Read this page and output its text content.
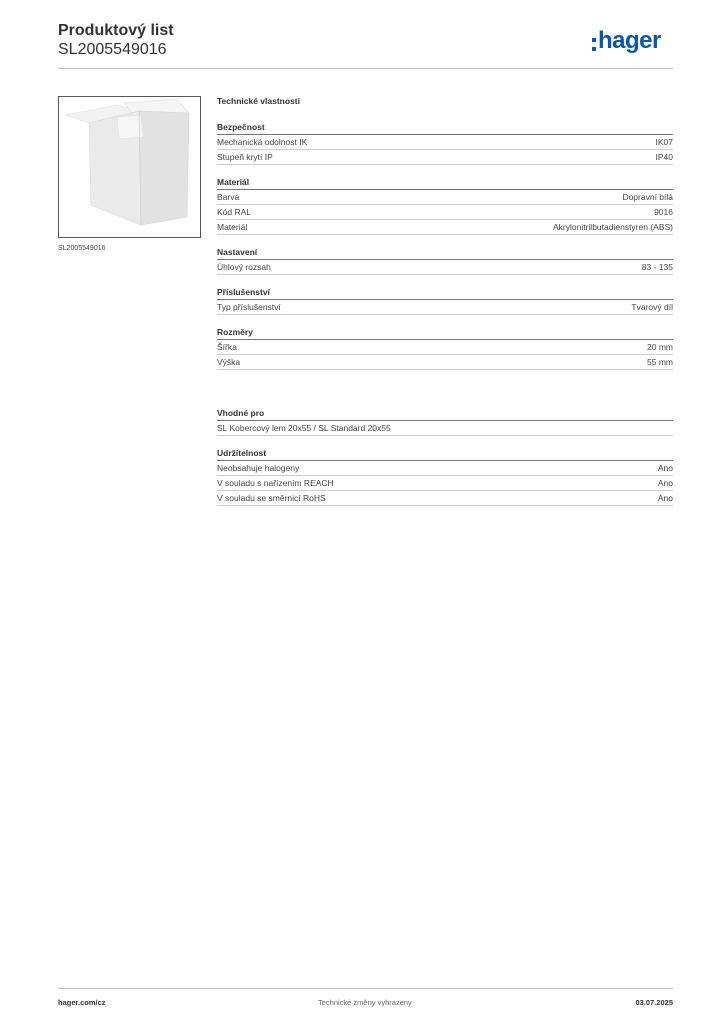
Produktový list
SL2005549016	hager
SL2005549016
Technické vlastnosti
Bezpečnost
Mechanická odolnost IK	IK07
Stupeň krytí IP	IP40
Materiál
Barva	Dopravní bílá
Kód RAL	9016
Materiál	Akrylonitrilbutadienstyren (ABS)
Nastavení
Úhlový rozsah	83 - 135
Příslušenství
Typ příslušenství	Tvarový díl
Rozměry
Šířka	20 mm
Výška	55 mm
Vhodné pro
SL Kobercový lem 20x55 / SL Standard 20x55
Udržitelnost
Neobsahuje halogeny	Ano
V souladu s nařízením REACH	Ano
V souladu se směrnicí RoHS	Ano
hager.com/cz	Technické změny vyhrazeny	03.07.2025
